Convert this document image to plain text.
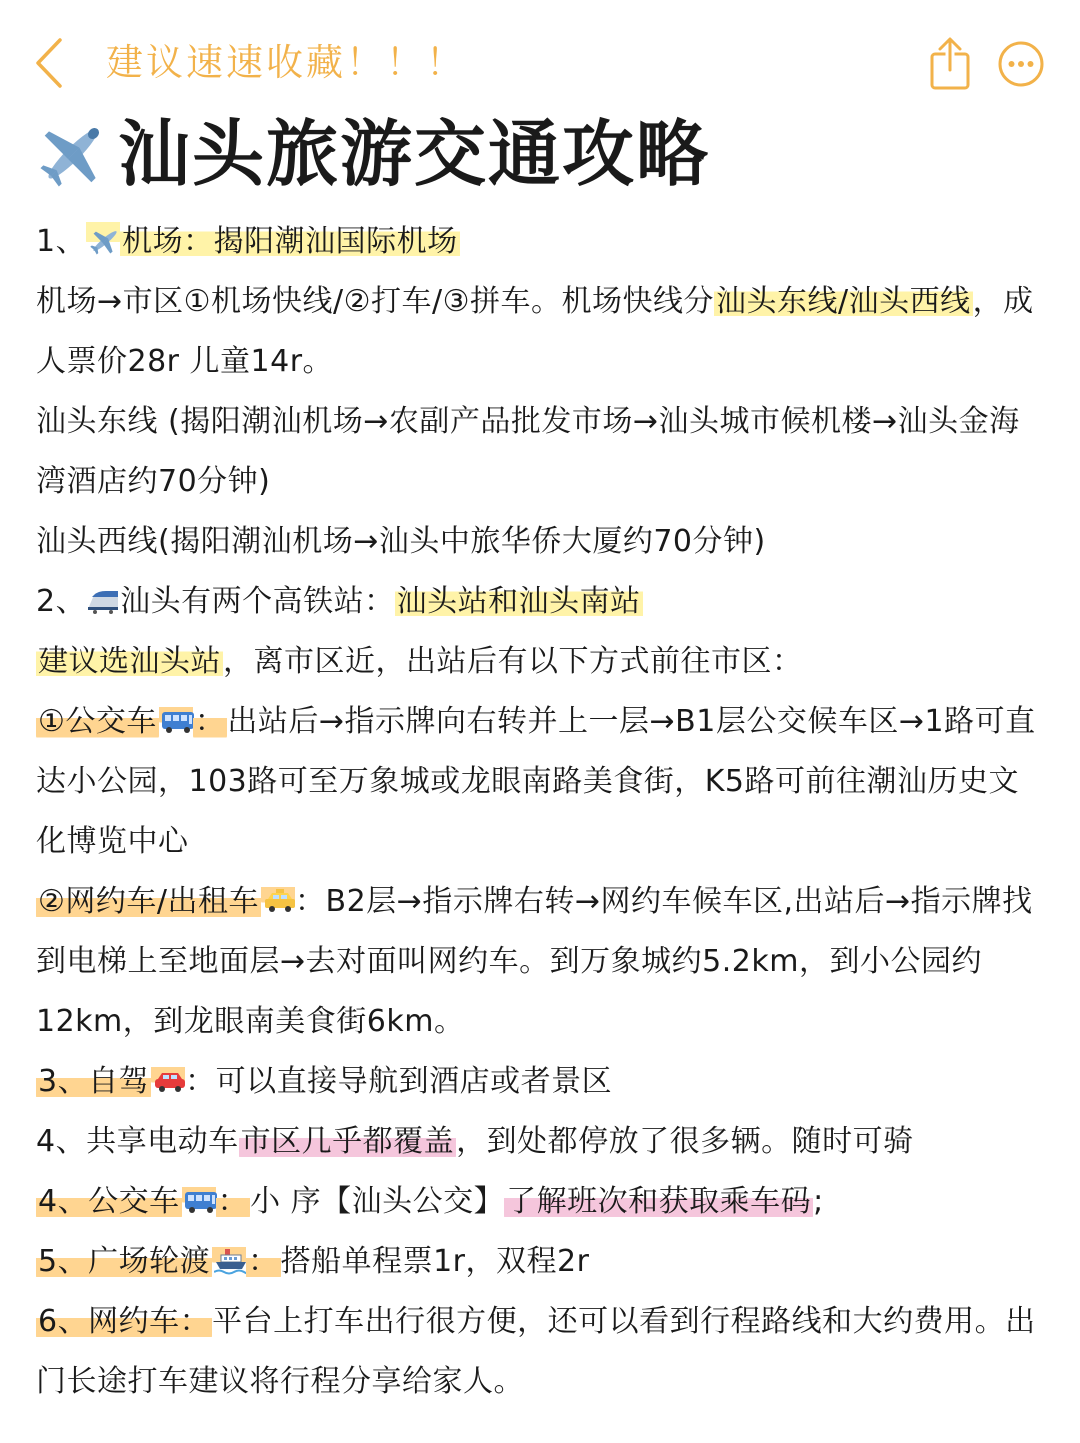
建议速速收藏！！！
汕头旅游交通攻略
1、 机场：揭阳潮汕国际机场
机场→市区①机场快线/②打车/③拼车。机场快线分汕头东线/汕头西线，成人票价28r 儿童14r。
汕头东线 (揭阳潮汕机场→农副产品批发市场→汕头城市候机楼→汕头金海湾酒店约70分钟)
汕头西线(揭阳潮汕机场→汕头中旅华侨大厦约70分钟)
2、 汕头有两个高铁站：汕头站和汕头南站
建议选汕头站，离市区近，出站后有以下方式前往市区：
①公交车 ：出站后→指示牌向右转并上一层→B1层公交候车区→1路可直达小公园，103路可至万象城或龙眼南路美食街，K5路可前往潮汕历史文化博览中心
②网约车/出租车 ：B2层→指示牌右转→网约车候车区,出站后→指示牌找到电梯上至地面层→去对面叫网约车。到万象城约5.2km，到小公园约12km，到龙眼南美食街6km。
3、自驾 ：可以直接导航到酒店或者景区
4、共享电动车市区几乎都覆盖，到处都停放了很多辆。随时可骑
4、公交车 ：小 序【汕头公交】了解班次和获取乘车码;
5、广场轮渡 ：搭船单程票1r，双程2r
6、网约车：平台上打车出行很方便，还可以看到行程路线和大约费用。出门长途打车建议将行程分享给家人。
